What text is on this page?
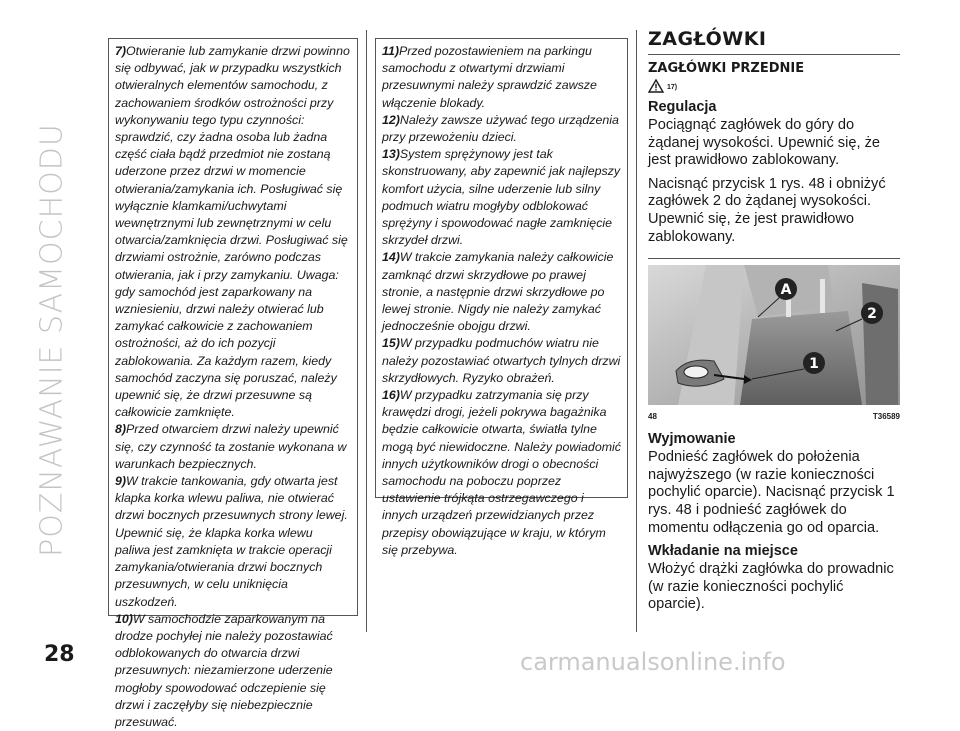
POZNAWANIE SAMOCHODU

7)Otwieranie lub zamykanie drzwi powinno się odbywać, jak w przypadku wszystkich otwieralnych elementów samochodu, z zachowaniem środków ostrożności przy wykonywaniu tego typu czynności: sprawdzić, czy żadna osoba lub żadna część ciała bądź przedmiot nie zostaną uderzone przez drzwi w momencie otwierania/zamykania ich. Posługiwać się wyłącznie klamkami/uchwytami wewnętrznymi lub zewnętrznymi w celu otwarcia/zamknięcia drzwi. Posługiwać się drzwiami ostrożnie, zarówno podczas otwierania, jak i przy zamykaniu. Uwaga: gdy samochód jest zaparkowany na wzniesieniu, drzwi należy otwierać lub zamykać całkowicie z zachowaniem ostrożności, aż do ich pozycji zablokowania. Za każdym razem, kiedy samochód zaczyna się poruszać, należy upewnić się, że drzwi przesuwne są całkowicie zamknięte.

8)Przed otwarciem drzwi należy upewnić się, czy czynność ta zostanie wykonana w warunkach bezpiecznych.

9)W trakcie tankowania, gdy otwarta jest klapka korka wlewu paliwa, nie otwierać drzwi bocznych przesuwnych strony lewej. Upewnić się, że klapka korka wlewu paliwa jest zamknięta w trakcie operacji zamykania/otwierania drzwi bocznych przesuwnych, w celu uniknięcia uszkodzeń.

10)W samochodzie zaparkowanym na drodze pochyłej nie należy pozostawiać odblokowanych do otwarcia drzwi przesuwnych: niezamierzone uderzenie mogłoby spowodować odczepienie się drzwi i zaczęłyby się niebezpiecznie przesuwać.

11)Przed pozostawieniem na parkingu samochodu z otwartymi drzwiami przesuwnymi należy sprawdzić zawsze włączenie blokady.

12)Należy zawsze używać tego urządzenia przy przewożeniu dzieci.

13)System sprężynowy jest tak skonstruowany, aby zapewnić jak najlepszy komfort użycia, silne uderzenie lub silny podmuch wiatru mogłyby odblokować sprężyny i spowodować nagłe zamknięcie skrzydeł drzwi.

14)W trakcie zamykania należy całkowicie zamknąć drzwi skrzydłowe po prawej stronie, a następnie drzwi skrzydłowe po lewej stronie. Nigdy nie należy zamykać jednocześnie obojgu drzwi.

15)W przypadku podmuchów wiatru nie należy pozostawiać otwartych tylnych drzwi skrzydłowych. Ryzyko obrażeń.

16)W przypadku zatrzymania się przy krawędzi drogi, jeżeli pokrywa bagażnika będzie całkowicie otwarta, światła tylne mogą być niewidoczne. Należy powiadomić innych użytkowników drogi o obecności samochodu na poboczu poprzez ustawienie trójkąta ostrzegawczego i innych urządzeń przewidzianych przez przepisy obowiązujące w kraju, w którym się przebywa.

ZAGŁÓWKI
ZAGŁÓWKI PRZEDNIE
17)
Regulacja

Pociągnąć zagłówek do góry do żądanej wysokości. Upewnić się, że jest prawidłowo zablokowany.

Nacisnąć przycisk 1 rys. 48 i obniżyć zagłówek 2 do żądanej wysokości. Upewnić się, że jest prawidłowo zablokowany.

A
2
1
48	T36589
Wyjmowanie

Podnieść zagłówek do położenia najwyższego (w razie konieczności pochylić oparcie). Nacisnąć przycisk 1 rys. 48 i podnieść zagłówek do momentu odłączenia go od oparcia.

Wkładanie na miejsce

Włożyć drążki zagłówka do prowadnic (w razie konieczności pochylić oparcie).

28	carmanualsonline.info
